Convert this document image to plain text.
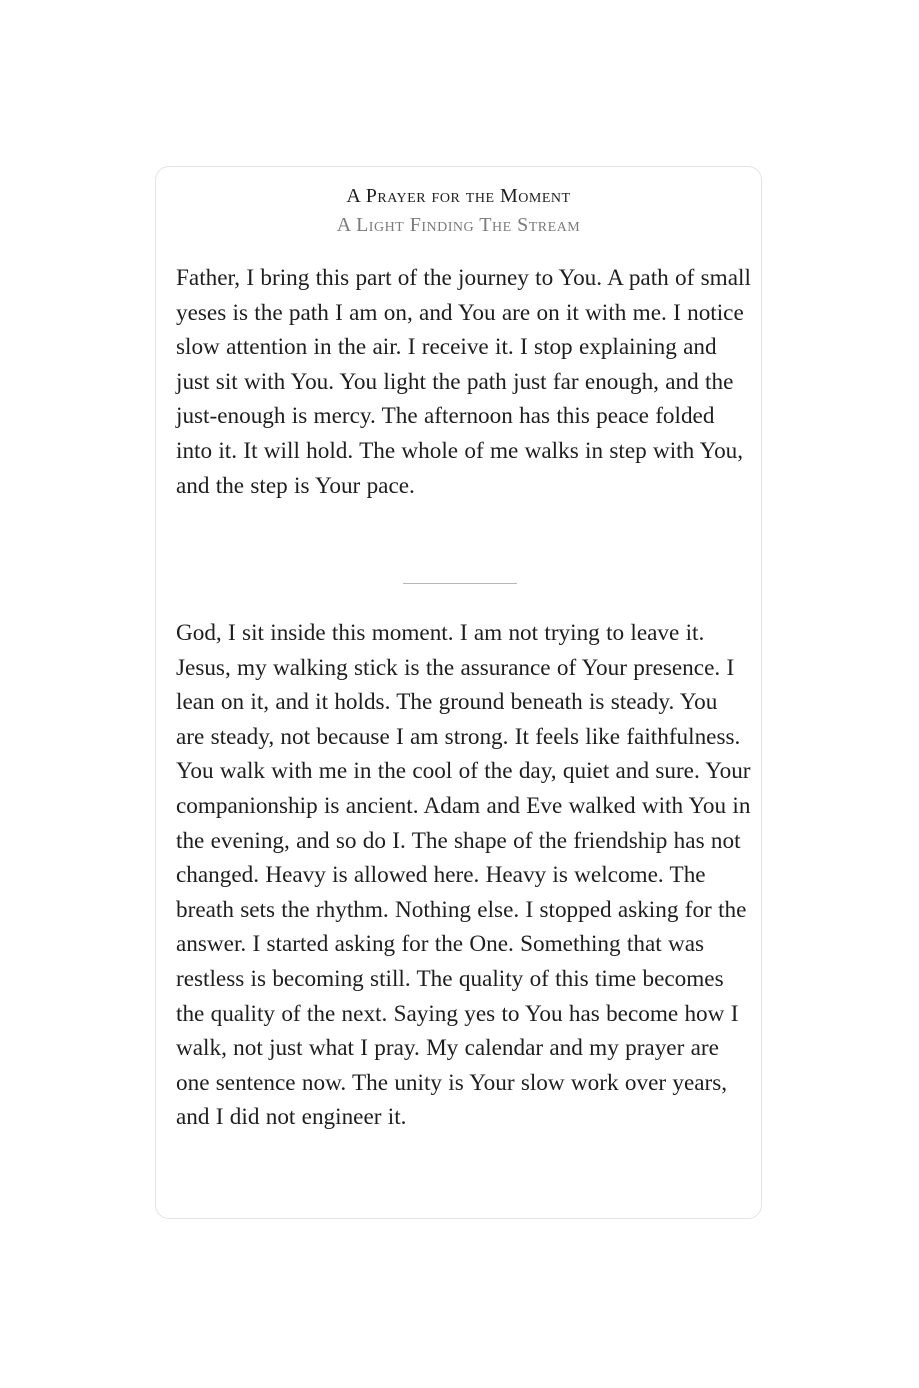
A Prayer for the Moment
A Light Finding The Stream

Father, I bring this part of the journey to You. A path of small yeses is the path I am on, and You are on it with me. I notice slow attention in the air. I receive it. I stop explaining and just sit with You. You light the path just far enough, and the just-enough is mercy. The afternoon has this peace folded into it. It will hold. The whole of me walks in step with You, and the step is Your pace.

God, I sit inside this moment. I am not trying to leave it. Jesus, my walking stick is the assurance of Your presence. I lean on it, and it holds. The ground beneath is steady. You are steady, not because I am strong. It feels like faithfulness. You walk with me in the cool of the day, quiet and sure. Your companionship is ancient. Adam and Eve walked with You in the evening, and so do I. The shape of the friendship has not changed. Heavy is allowed here. Heavy is welcome. The breath sets the rhythm. Nothing else. I stopped asking for the answer. I started asking for the One. Something that was restless is becoming still. The quality of this time becomes the quality of the next. Saying yes to You has become how I walk, not just what I pray. My calendar and my prayer are one sentence now. The unity is Your slow work over years, and I did not engineer it.
